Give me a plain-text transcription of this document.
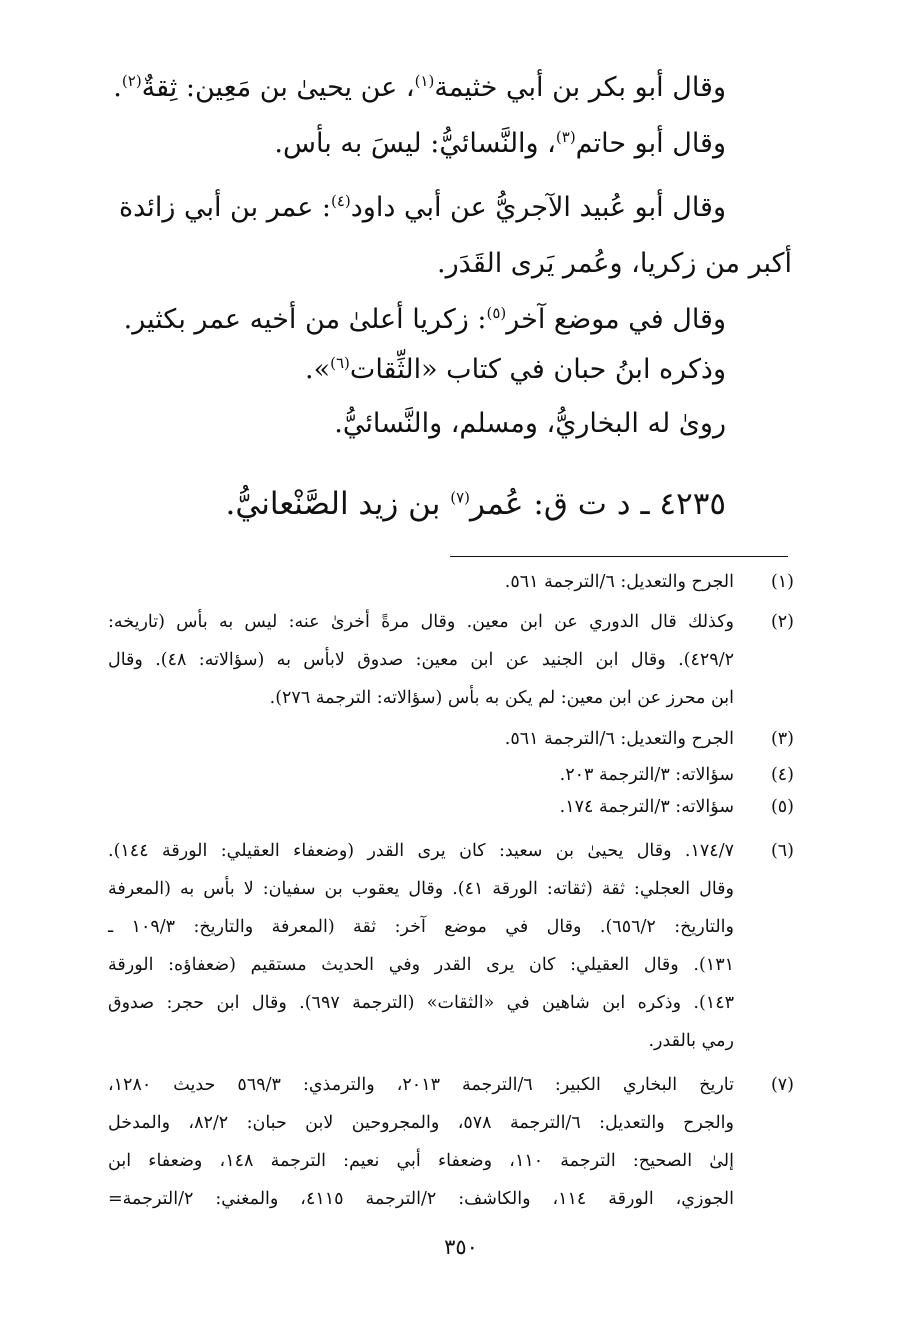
وقال أبو بكر بن أبي خثيمة$^{(١)}$، عن يحيىٰ بن مَعِين: ثِقةٌ$^{(٢)}$.
وقال أبو حاتم$^{(٣)}$، والنَّسائيُّ: ليسَ به بأس.
وقال أبو عُبيد الآجريُّ عن أبي داود$^{(٤)}$: عمر بن أبي زائدة
أكبر من زكريا، وعُمر يَرى القَدَر.
وقال في موضع آخر$^{(٥)}$: زكريا أعلىٰ من أخيه عمر بكثير.
وذكره ابنُ حبان في كتاب «الثِّقات$^{(٦)}$».
رویٰ له البخاريُّ، ومسلم، والنَّسائيُّ.
٤٢٣٥ ـ د ت ق: عُمر$^{(٧)}$ بن زيد الصَّنْعانيُّ.
(١)
الجرح والتعديل: ٦/الترجمة ٥٦١.
(٢)
وكذلك قال الدوري عن ابن معين. وقال مرةً أخرىٰ عنه: ليس به بأس (تاريخه:
٤٢٩/٢). وقال ابن الجنيد عن ابن معين: صدوق لابأس به (سؤالاته: ٤٨). وقال
ابن محرز عن ابن معين: لم يكن به بأس (سؤالاته: الترجمة ٢٧٦).
(٣)
الجرح والتعديل: ٦/الترجمة ٥٦١.
(٤)
سؤالاته: ٣/الترجمة ٢٠٣.
(٥)
سؤالاته: ٣/الترجمة ١٧٤.
(٦)
١٧٤/٧. وقال يحيىٰ بن سعيد: كان يرى القدر (وضعفاء العقيلي: الورقة ١٤٤).
وقال العجلي: ثقة (ثقاته: الورقة ٤١). وقال يعقوب بن سفيان: لا بأس به (المعرفة
والتاريخ: ٦٥٦/٢). وقال في موضع آخر: ثقة (المعرفة والتاريخ: ١٠٩/٣ ـ
١٣١). وقال العقيلي: كان يرى القدر وفي الحديث مستقيم (ضعفاؤه: الورقة
١٤٣). وذكره ابن شاهين في «الثقات» (الترجمة ٦٩٧). وقال ابن حجر: صدوق
رمي بالقدر.
(٧)
تاريخ البخاري الكبير: ٦/الترجمة ٢٠١٣، والترمذي: ٥٦٩/٣ حديث ١٢٨٠،
والجرح والتعديل: ٦/الترجمة ٥٧٨، والمجروحين لابن حبان: ٨٢/٢، والمدخل
إلىٰ الصحيح: الترجمة ١١٠، وضعفاء أبي نعيم: الترجمة ١٤٨، وضعفاء ابن
الجوزي، الورقة ١١٤، والكاشف: ٢/الترجمة ٤١١٥، والمغني: ٢/الترجمة=
٣٥٠
